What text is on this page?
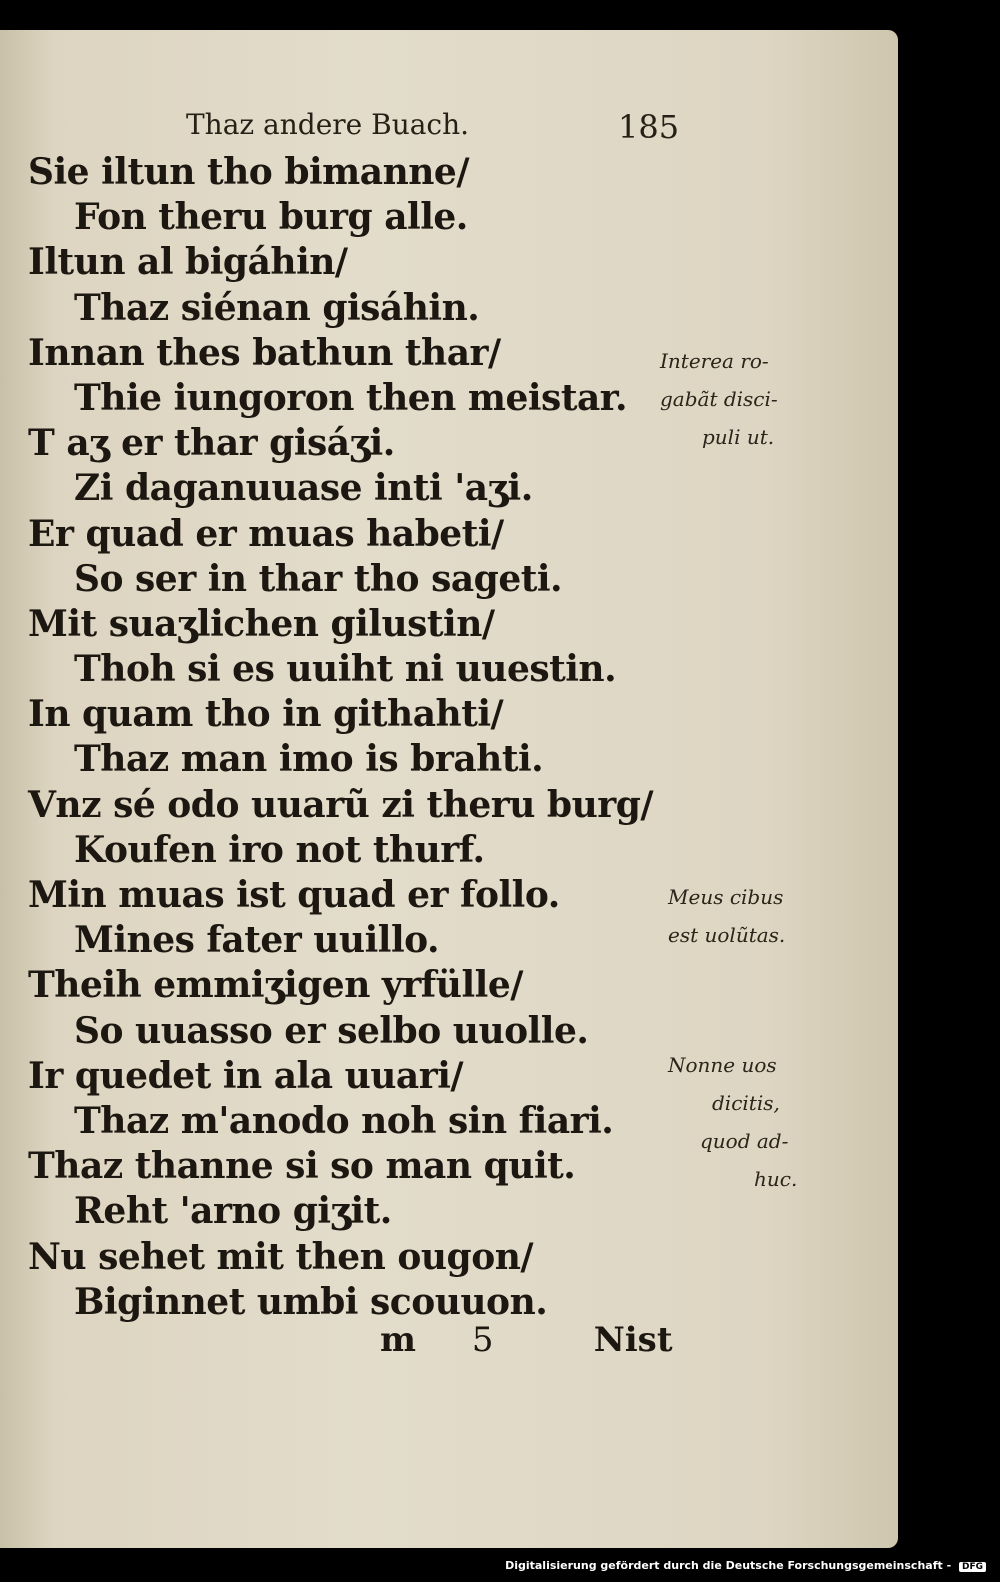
Thaz andere Buach.	185
Sie iltun tho bimanne/
Fon theru burg alle.
Iltun al bigáhin/
Thaz siénan gisáhin.
Innan thes bathun thar/
Thie iungoron then meistar.
T aʒ er thar gisáʒi.
Zi daganuuase inti 'aʒi.
Er quad er muas habeti/
So ser in thar tho sageti.
Mit suaʒlichen gilustin/
Thoh si es uuiht ni uuestin.
In quam tho in githahti/
Thaz man imo is brahti.
Vnz sé odo uuarũ zi theru burg/
Koufen iro not thurf.
Min muas ist quad er follo.
Mines fater uuillo.
Theih emmiʒigen yrfülle/
So uuasso er selbo uuolle.
Ir quedet in ala uuari/
Thaz m'anodo noh sin fiari.
Thaz thanne si so man quit.
Reht 'arno giʒit.
Nu sehet mit then ougon/
Biginnet umbi scouuon.
Interea ro-
gabãt disci-
puli ut.
Meus cibus
est uolũtas.
Nonne uos
dicitis,
quod ad-
huc.
m 5	Nist
Digitalisierung gefördert durch die Deutsche Forschungsgemeinschaft - DFG
